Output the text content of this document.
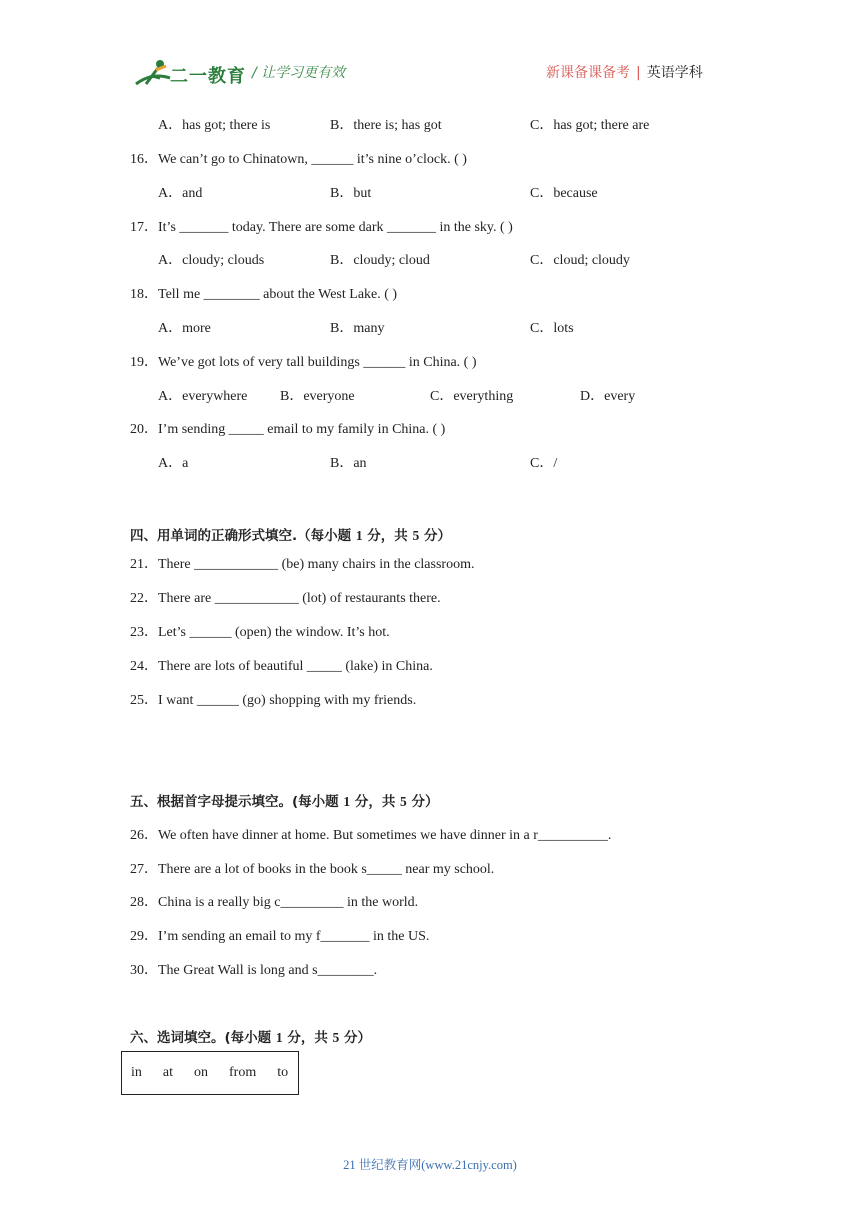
二一教育 / 让学习更有效	新课备课备考 | 英语学科
A．has got; there is	B．there is; has got	C．has got; there are
16．We can’t go to Chinatown, ______ it’s nine o’clock. ( )
A．and	B．but	C．because
17．It’s _______ today. There are some dark _______ in the sky. ( )
A．cloudy; clouds	B．cloudy; cloud	C．cloud; cloudy
18．Tell me ________ about the West Lake. ( )
A．more	B．many	C．lots
19．We’ve got lots of very tall buildings ______ in China. ( )
A．everywhere B．everyone	C．everything	D．every
20．I’m sending _____ email to my family in China. ( )
A．a	B．an	C．/
四、用单词的正确形式填空.（每小题 1 分，共 5 分）
21．There ____________ (be) many chairs in the classroom.
22．There are ____________ (lot) of restaurants there.
23．Let’s ______ (open) the window. It’s hot.
24．There are lots of beautiful _____ (lake) in China.
25．I want ______ (go) shopping with my friends.
五、根据首字母提示填空。(每小题 1 分，共 5 分）
26．We often have dinner at home. But sometimes we have dinner in a r__________.
27．There are a lot of books in the book s_____ near my school.
28．China is a really big c_________ in the world.
29．I’m sending an email to my f_______ in the US.
30．The Great Wall is long and s________.
六、选词填空。(每小题 1 分，共 5 分）
in at on from to
21 世纪教育网(www.21cnjy.com)
